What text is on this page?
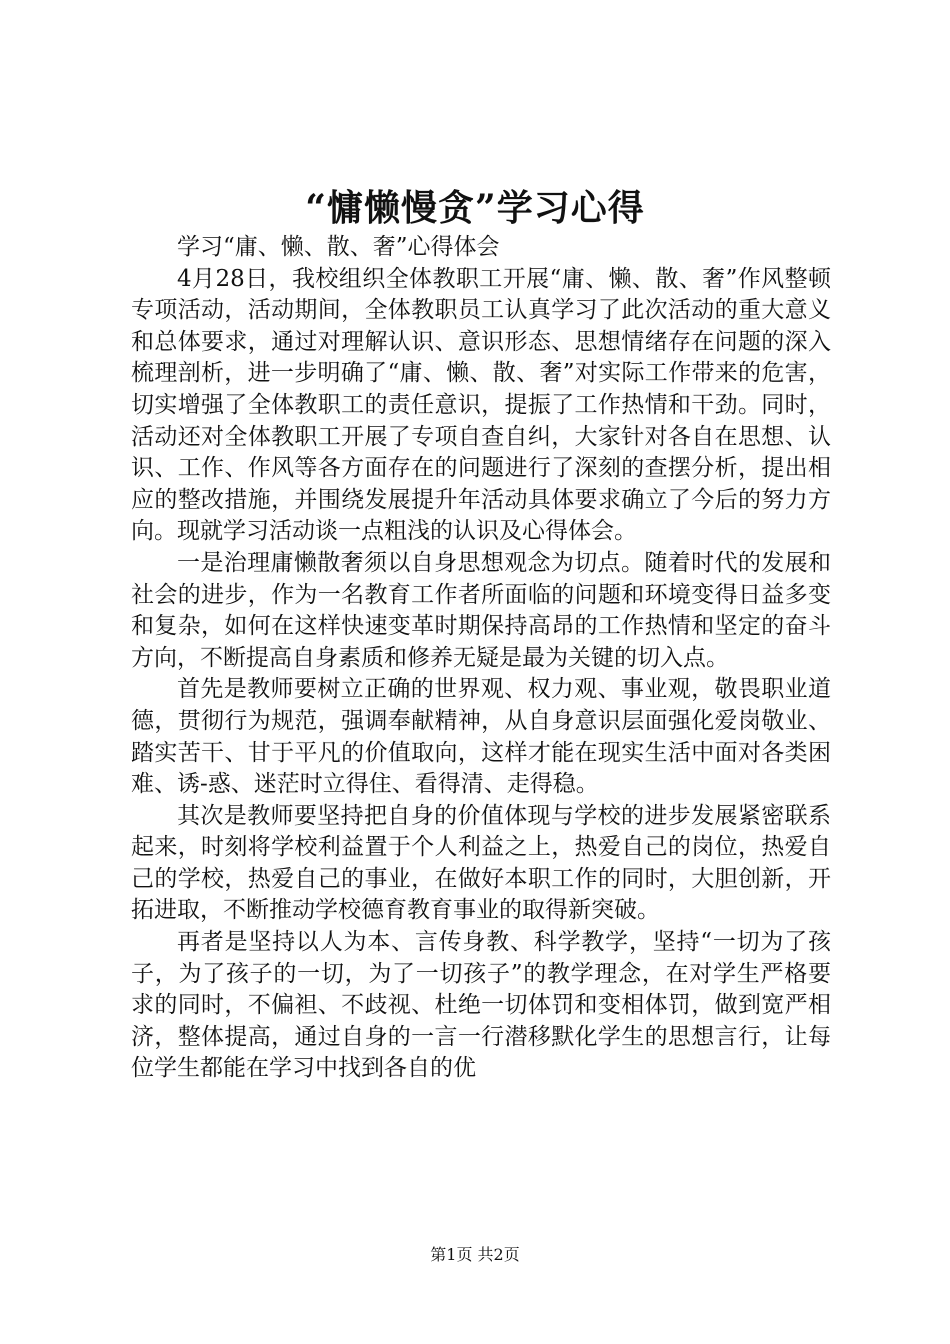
“慵懒慢贪”学习心得

学习“庸、懒、散、奢”心得体会

4月28日，我校组织全体教职工开展“庸、懒、散、奢”作风整顿专项活动，活动期间，全体教职员工认真学习了此次活动的重大意义和总体要求，通过对理解认识、意识形态、思想情绪存在问题的深入梳理剖析，进一步明确了“庸、懒、散、奢”对实际工作带来的危害，切实增强了全体教职工的责任意识，提振了工作热情和干劲。同时，活动还对全体教职工开展了专项自查自纠，大家针对各自在思想、认识、工作、作风等各方面存在的问题进行了深刻的查摆分析，提出相应的整改措施，并围绕发展提升年活动具体要求确立了今后的努力方向。现就学习活动谈一点粗浅的认识及心得体会。

一是治理庸懒散奢须以自身思想观念为切点。随着时代的发展和社会的进步，作为一名教育工作者所面临的问题和环境变得日益多变和复杂，如何在这样快速变革时期保持高昂的工作热情和坚定的奋斗方向，不断提高自身素质和修养无疑是最为关键的切入点。

首先是教师要树立正确的世界观、权力观、事业观，敬畏职业道德，贯彻行为规范，强调奉献精神，从自身意识层面强化爱岗敬业、踏实苦干、甘于平凡的价值取向，这样才能在现实生活中面对各类困难、诱-惑、迷茫时立得住、看得清、走得稳。

其次是教师要坚持把自身的价值体现与学校的进步发展紧密联系起来，时刻将学校利益置于个人利益之上，热爱自己的岗位，热爱自己的学校，热爱自己的事业，在做好本职工作的同时，大胆创新，开拓进取，不断推动学校德育教育事业的取得新突破。

再者是坚持以人为本、言传身教、科学教学，坚持“一切为了孩子，为了孩子的一切，为了一切孩子”的教学理念，在对学生严格要求的同时，不偏袒、不歧视、杜绝一切体罚和变相体罚，做到宽严相济，整体提高，通过自身的一言一行潜移默化学生的思想言行，让每位学生都能在学习中找到各自的优

第1页 共2页
